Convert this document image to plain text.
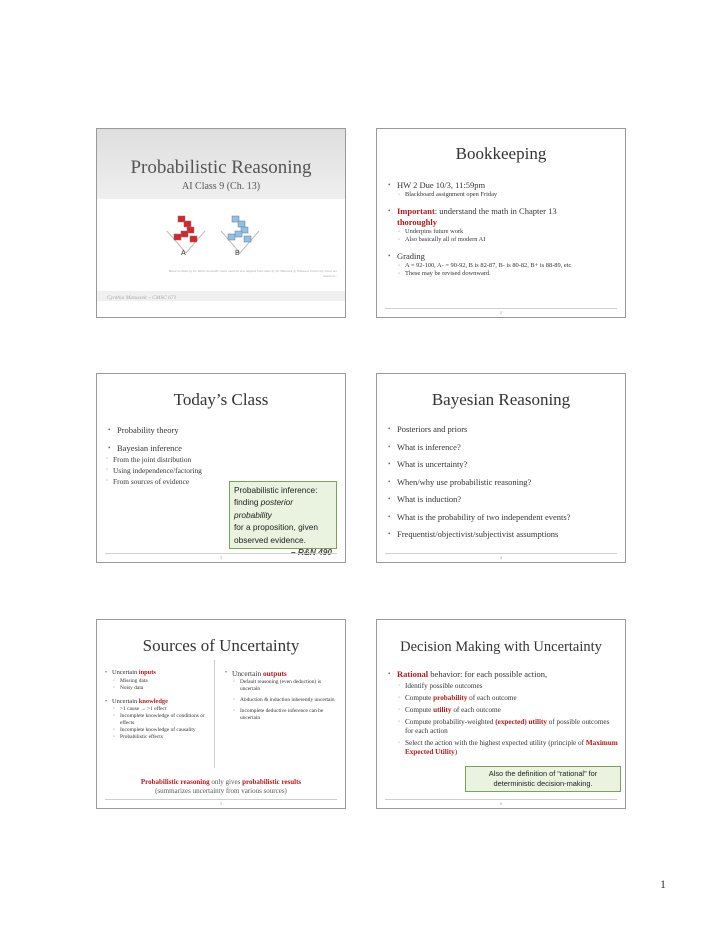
Probabilistic Reasoning
AI Class 9 (Ch. 13)
A	B
Based on slides by Dr. Marie desJardin. Some material also adapted from slides by Dr. Matuszek @ Villanova University, which are based on...
Cynthia Matuszek – CMSC 671
Bookkeeping
• HW 2 Due 10/3, 11:59pm
◦ Blackboard assignment open Friday
• Important: understand the math in Chapter 13
thoroughly
◦ Underpins future work
◦ Also basically all of modern AI
• Grading
◦ A = 92-100, A- = 90-92, B is 82-87, B- is 80-82, B+ is 88-89, etc
◦ These may be revised downward.
2
Today’s Class
• Probability theory
• Bayesian inference
◦ From the joint distribution
◦ Using independence/factoring
◦ From sources of evidence
Probabilistic inference:
finding posterior probability
for a proposition, given
observed evidence.
3
Bayesian Reasoning
• Posteriors and priors
• What is inference?
• What is uncertainty?
• When/why use probabilistic reasoning?
• What is induction?
• What is the probability of two independent events?
• Frequentist/objectivist/subjectivist assumptions
4
Sources of Uncertainty
• Uncertain inputs
◦ Missing data
◦ Noisy data
• Uncertain knowledge
◦ >1 cause → >1 effect
◦ Incomplete knowledge of conditions or effects
◦ Incomplete knowledge of causality
◦ Probabilistic effects
• Uncertain outputs
◦ Default reasoning (even deduction) is uncertain
◦ Abduction & induction inherently uncertain
◦ Incomplete deductive inference can be uncertain
Probabilistic reasoning only gives probabilistic results
(summarizes uncertainty from various sources)
5
Decision Making with Uncertainty
• Rational behavior: for each possible action,
◦ Identify possible outcomes
◦ Compute probability of each outcome
◦ Compute utility of each outcome
◦ Compute probability-weighted (expected) utility of possible outcomes for each action
◦ Select the action with the highest expected utility (principle of Maximum Expected Utility)
Also the definition of “rational” for
deterministic decision-making.
6
1
